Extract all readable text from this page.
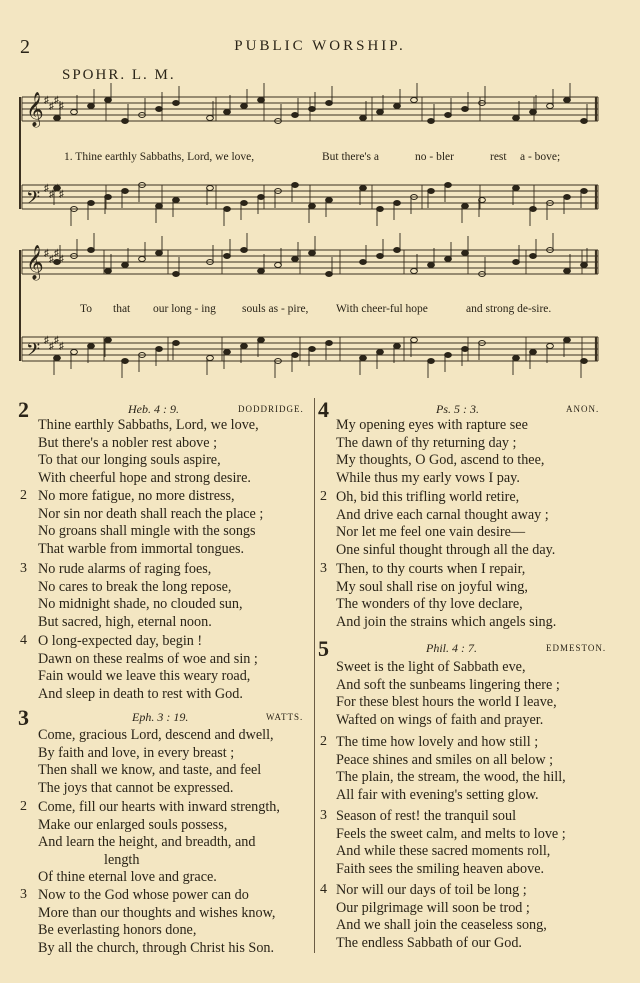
2	PUBLIC WORSHIP.
SPOHR. L. M.
𝄞 ♯
♯
♯
♯
𝄢 ♯
♯
♯
♯
𝄞 ♯
♯
♯
♯
𝄢 ♯
♯
♯
♯
1. Thine earthly Sabbaths, Lord, we love,	But there's a	no - bler	rest a - bove;
To that our long - ing souls as - pire, With cheer-ful hope	and strong de-sire.
2	Heb. 4 : 9.	DODDRIDGE.
Thine earthly Sabbaths, Lord, we love,
But there's a nobler rest above ;
To that our longing souls aspire,
With cheerful hope and strong desire.
2 No more fatigue, no more distress,
Nor sin nor death shall reach the place ;
No groans shall mingle with the songs
That warble from immortal tongues.
3 No rude alarms of raging foes,
No cares to break the long repose,
No midnight shade, no clouded sun,
But sacred, high, eternal noon.
4 O long-expected day, begin !
Dawn on these realms of woe and sin ;
Fain would we leave this weary road,
And sleep in death to rest with God.
3	Eph. 3 : 19.	WATTS.
Come, gracious Lord, descend and dwell,
By faith and love, in every breast ;
Then shall we know, and taste, and feel
The joys that cannot be expressed.
2 Come, fill our hearts with inward strength,
Make our enlarged souls possess,
And learn the height, and breadth, and
length
Of thine eternal love and grace.
3 Now to the God whose power can do
More than our thoughts and wishes know,
Be everlasting honors done,
By all the church, through Christ his Son.
4	Ps. 5 : 3.	ANON.
My opening eyes with rapture see
The dawn of thy returning day ;
My thoughts, O God, ascend to thee,
While thus my early vows I pay.
2 Oh, bid this trifling world retire,
And drive each carnal thought away ;
Nor let me feel one vain desire—
One sinful thought through all the day.
3 Then, to thy courts when I repair,
My soul shall rise on joyful wing,
The wonders of thy love declare,
And join the strains which angels sing.
5	Phil. 4 : 7.	EDMESTON.
Sweet is the light of Sabbath eve,
And soft the sunbeams lingering there ;
For these blest hours the world I leave,
Wafted on wings of faith and prayer.
2 The time how lovely and how still ;
Peace shines and smiles on all below ;
The plain, the stream, the wood, the hill,
All fair with evening's setting glow.
3 Season of rest! the tranquil soul
Feels the sweet calm, and melts to love ;
And while these sacred moments roll,
Faith sees the smiling heaven above.
4 Nor will our days of toil be long ;
Our pilgrimage will soon be trod ;
And we shall join the ceaseless song,
The endless Sabbath of our God.
